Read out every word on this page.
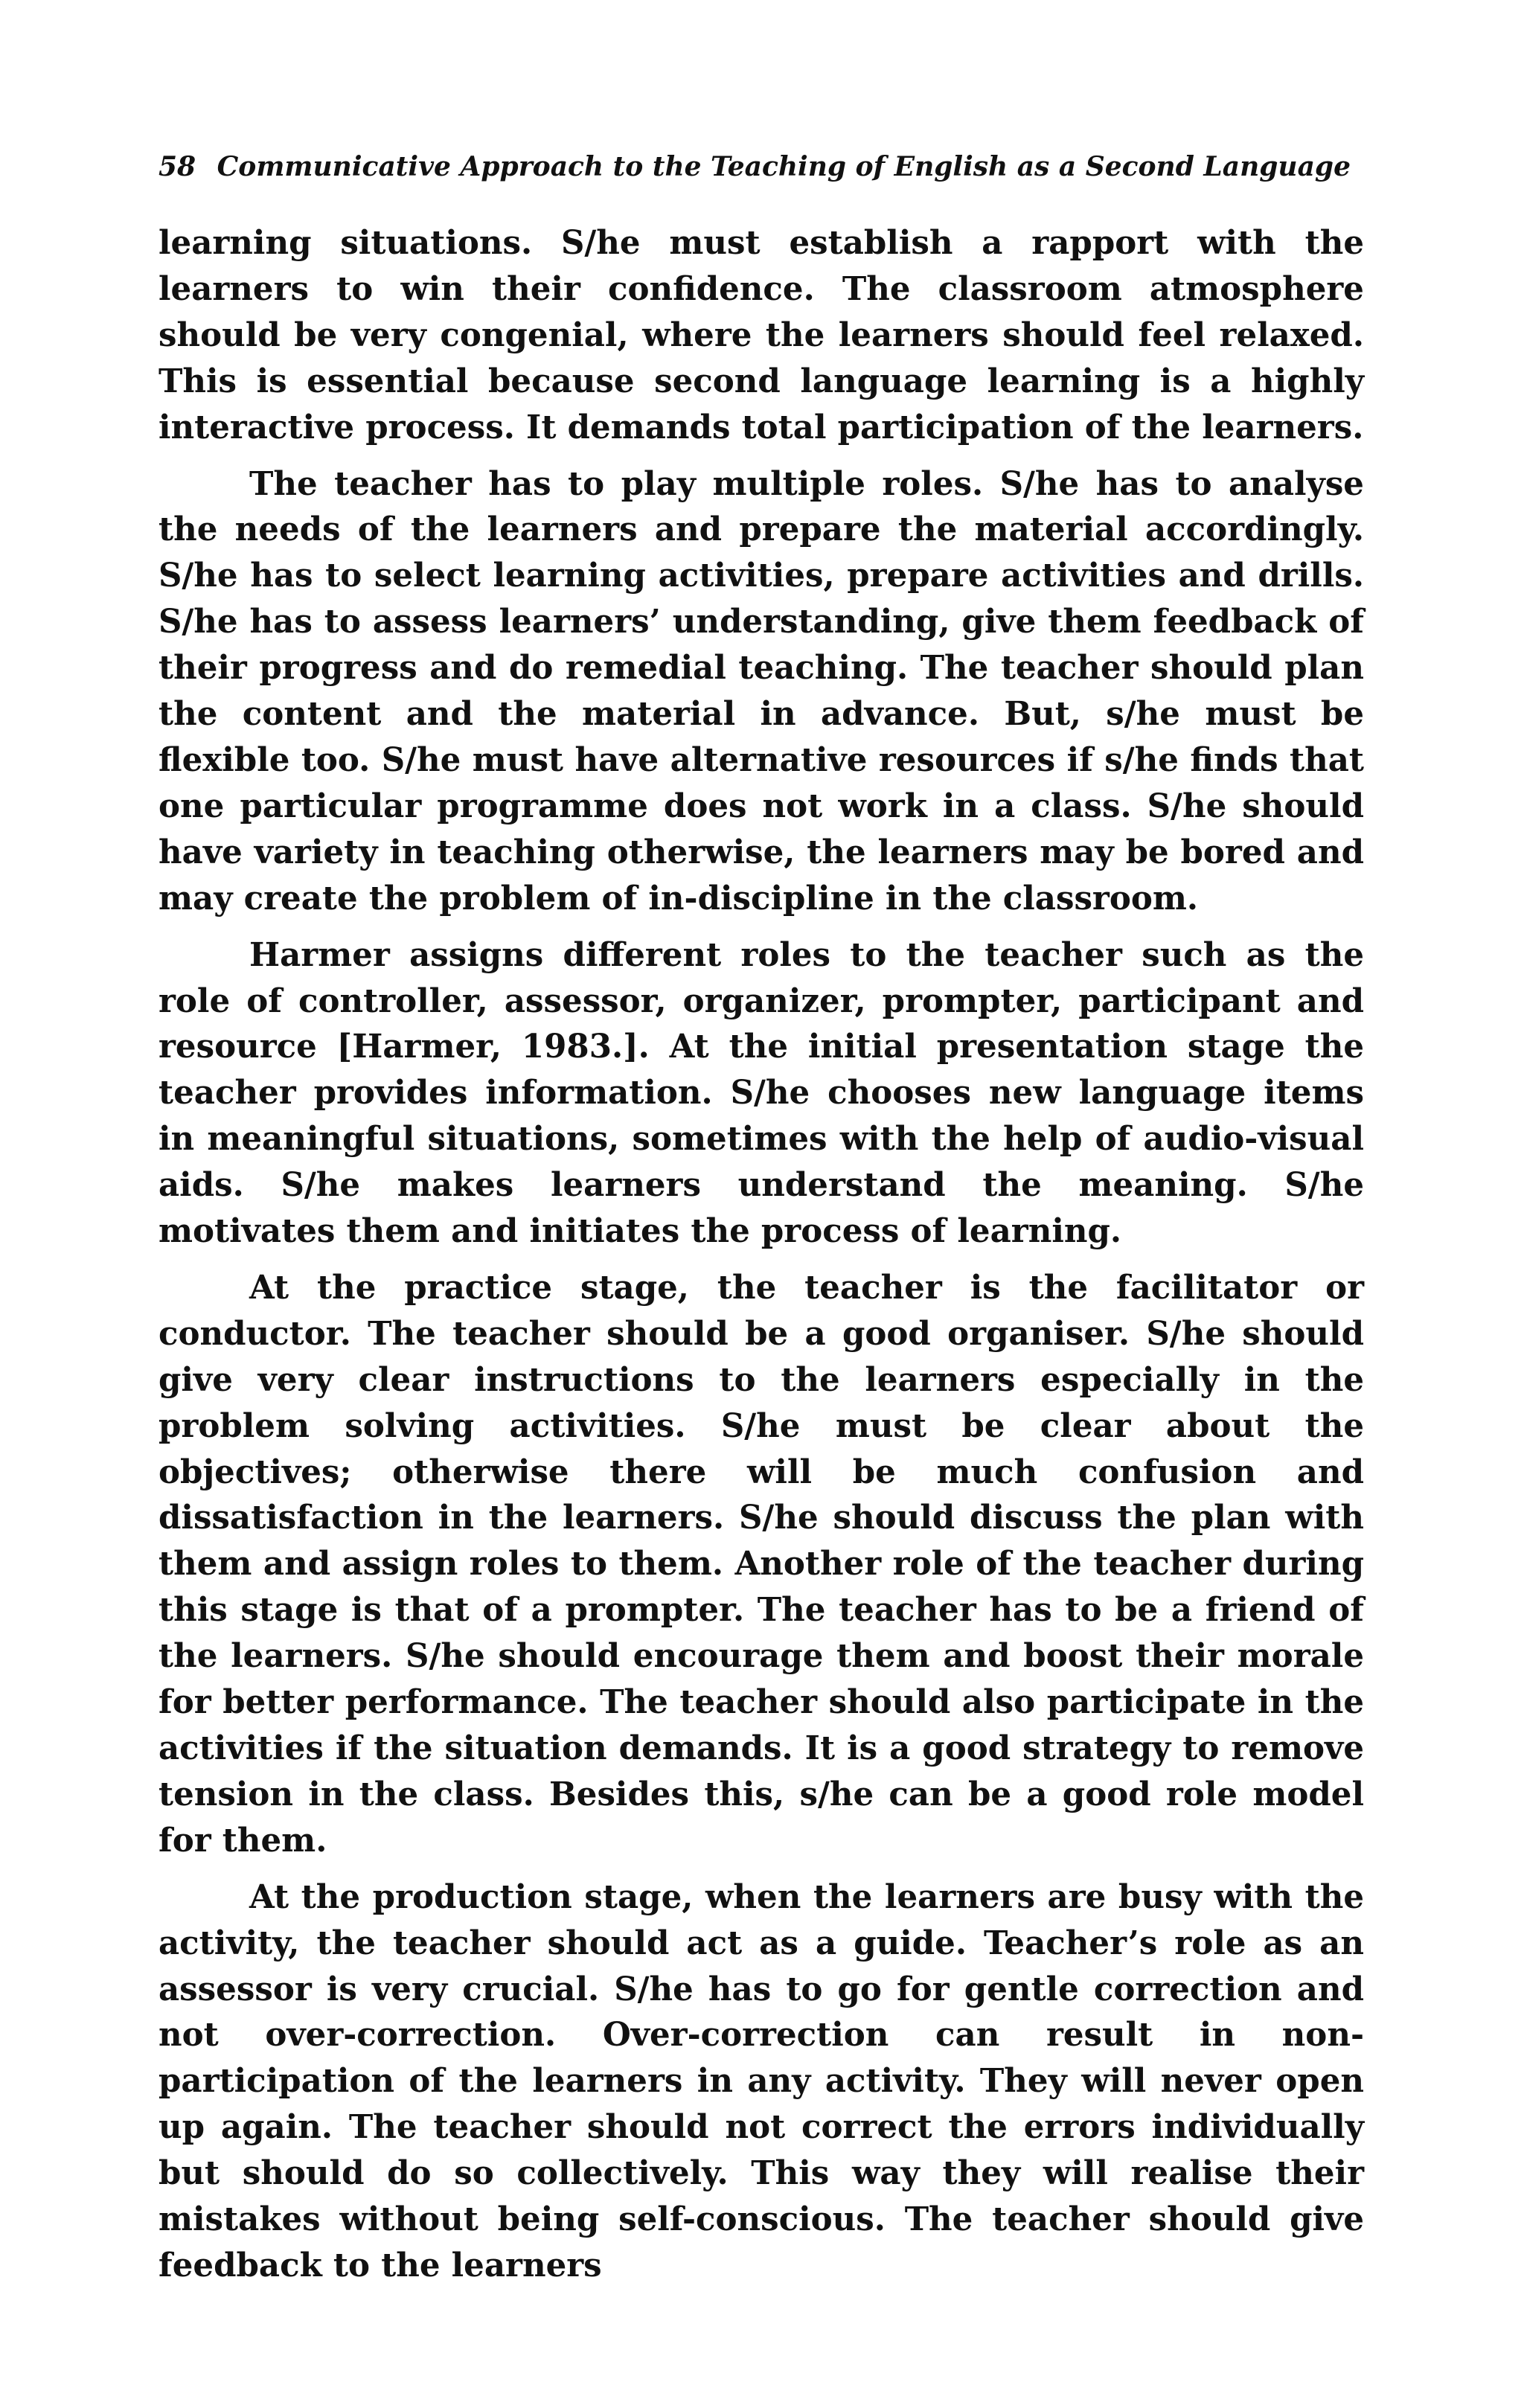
58 Communicative Approach to the Teaching of English as a Second Language

learning situations. S/he must establish a rapport with the learners to win their confidence. The classroom atmosphere should be very congenial, where the learners should feel relaxed. This is essential because second language learning is a highly interactive process. It demands total participation of the learners.

The teacher has to play multiple roles. S/he has to analyse the needs of the learners and prepare the material accordingly. S/he has to select learning activities, prepare activities and drills. S/he has to assess learners’ understanding, give them feedback of their progress and do remedial teaching. The teacher should plan the content and the material in advance. But, s/he must be flexible too. S/he must have alternative resources if s/he finds that one particular programme does not work in a class. S/he should have variety in teaching otherwise, the learners may be bored and may create the problem of in-discipline in the classroom.

Harmer assigns different roles to the teacher such as the role of controller, assessor, organizer, prompter, participant and resource [Harmer, 1983.]. At the initial presentation stage the teacher provides information. S/he chooses new language items in meaningful situations, sometimes with the help of audio-visual aids. S/he makes learners understand the meaning. S/he motivates them and initiates the process of learning.

At the practice stage, the teacher is the facilitator or conductor. The teacher should be a good organiser. S/he should give very clear instructions to the learners especially in the problem solving activities. S/he must be clear about the objectives; otherwise there will be much confusion and dissatisfaction in the learners. S/he should discuss the plan with them and assign roles to them. Another role of the teacher during this stage is that of a prompter. The teacher has to be a friend of the learners. S/he should encourage them and boost their morale for better performance. The teacher should also participate in the activities if the situation demands. It is a good strategy to remove tension in the class. Besides this, s/he can be a good role model for them.

At the production stage, when the learners are busy with the activity, the teacher should act as a guide. Teacher’s role as an assessor is very crucial. S/he has to go for gentle correction and not over-correction. Over-correction can result in non-participation of the learners in any activity. They will never open up again. The teacher should not correct the errors individually but should do so collectively. This way they will realise their mistakes without being self-conscious. The teacher should give feedback to the learners
